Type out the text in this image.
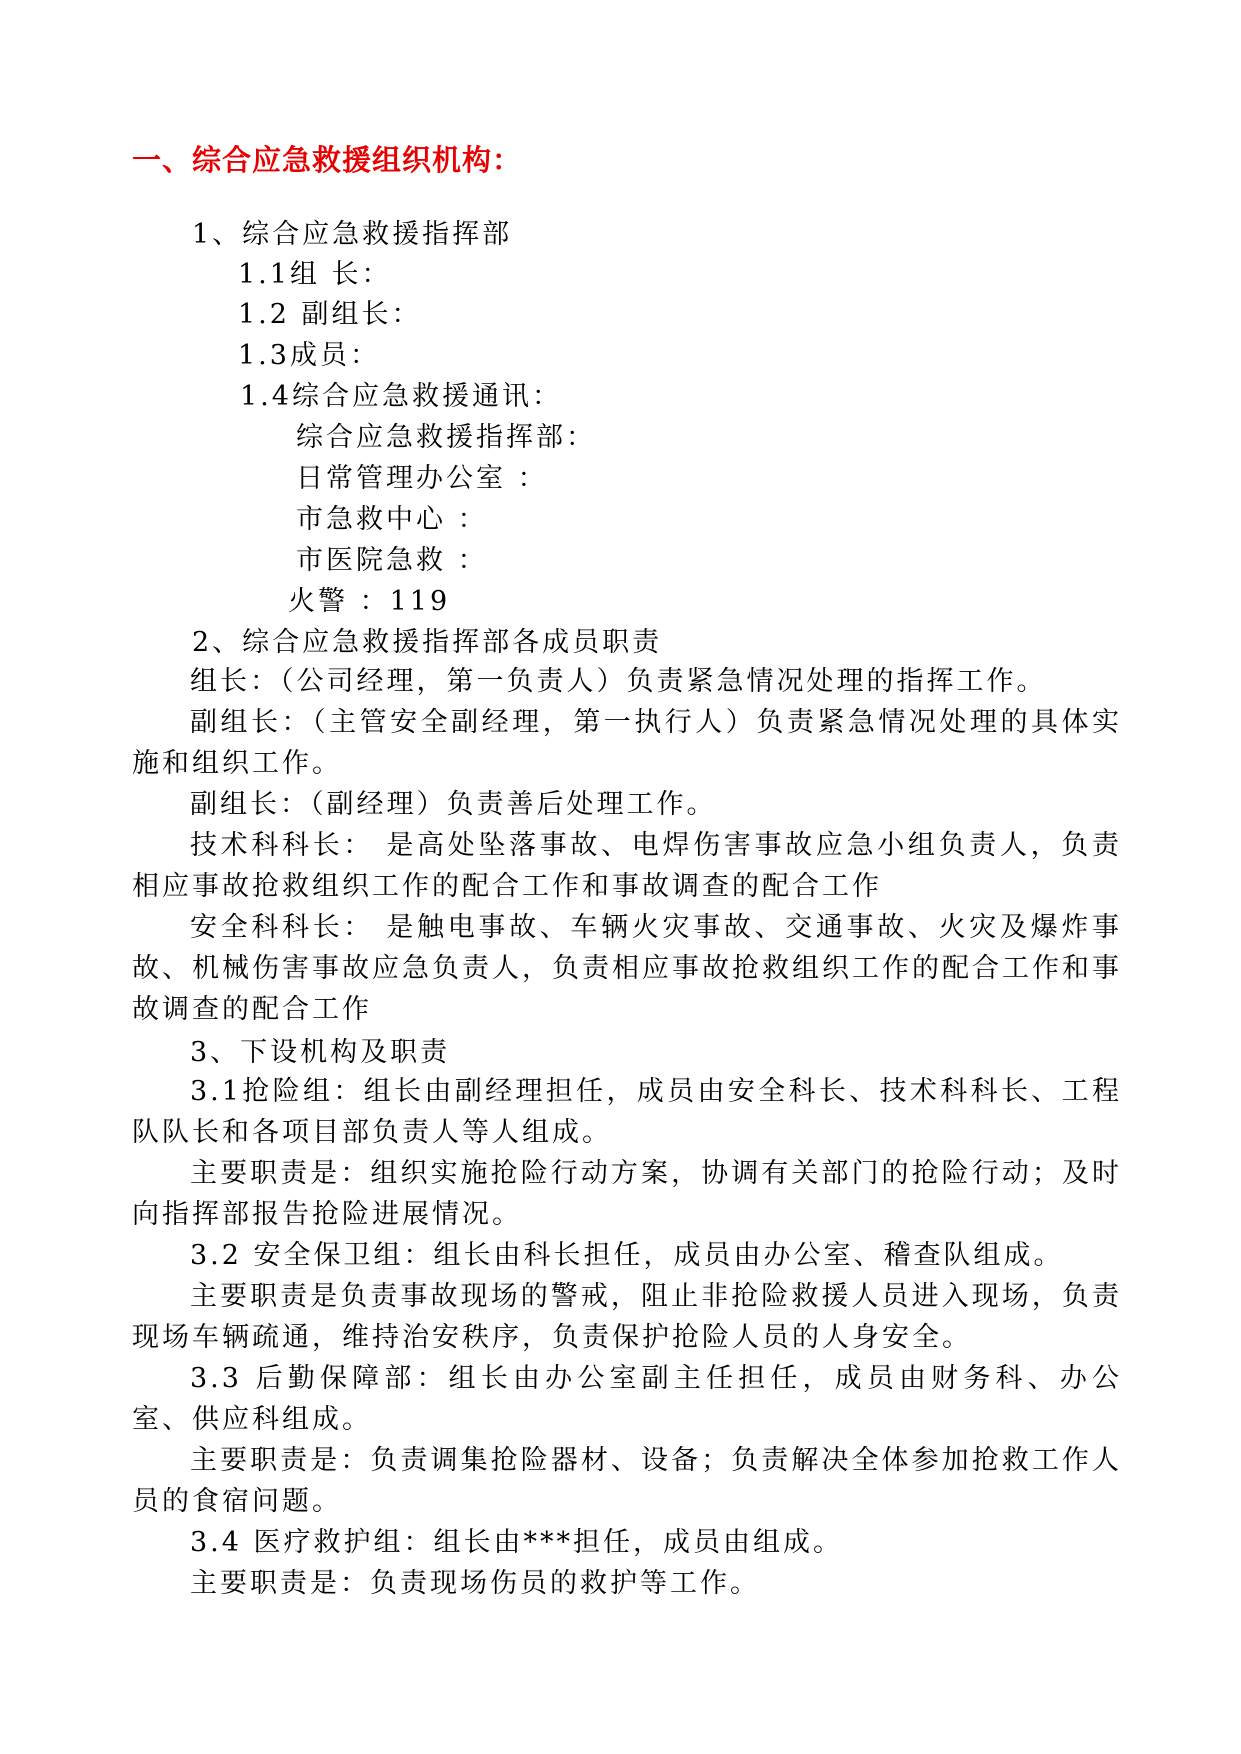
一、综合应急救援组织机构：
1、综合应急救援指挥部
1.1组 长：
1.2 副组长：
1.3成员：
1.4综合应急救援通讯：
综合应急救援指挥部：
日常管理办公室 ：
市急救中心 ：
市医院急救 ：
火警 ：119
2、综合应急救援指挥部各成员职责
组长：（公司经理，第一负责人）负责紧急情况处理的指挥工作。
副组长：（主管安全副经理，第一执行人）负责紧急情况处理的具体实施和组织工作。
副组长：（副经理）负责善后处理工作。
技术科科长： 是高处坠落事故、电焊伤害事故应急小组负责人，负责相应事故抢救组织工作的配合工作和事故调查的配合工作
安全科科长： 是触电事故、车辆火灾事故、交通事故、火灾及爆炸事故、机械伤害事故应急负责人，负责相应事故抢救组织工作的配合工作和事故调查的配合工作
3、下设机构及职责
3.1抢险组：组长由副经理担任，成员由安全科长、技术科科长、工程队队长和各项目部负责人等人组成。
主要职责是：组织实施抢险行动方案，协调有关部门的抢险行动；及时向指挥部报告抢险进展情况。
3.2 安全保卫组：组长由科长担任，成员由办公室、稽查队组成。
主要职责是负责事故现场的警戒，阻止非抢险救援人员进入现场，负责现场车辆疏通，维持治安秩序，负责保护抢险人员的人身安全。
3.3 后勤保障部：组长由办公室副主任担任，成员由财务科、办公室、供应科组成。
主要职责是：负责调集抢险器材、设备；负责解决全体参加抢救工作人员的食宿问题。
3.4 医疗救护组：组长由***担任，成员由组成。
主要职责是：负责现场伤员的救护等工作。
